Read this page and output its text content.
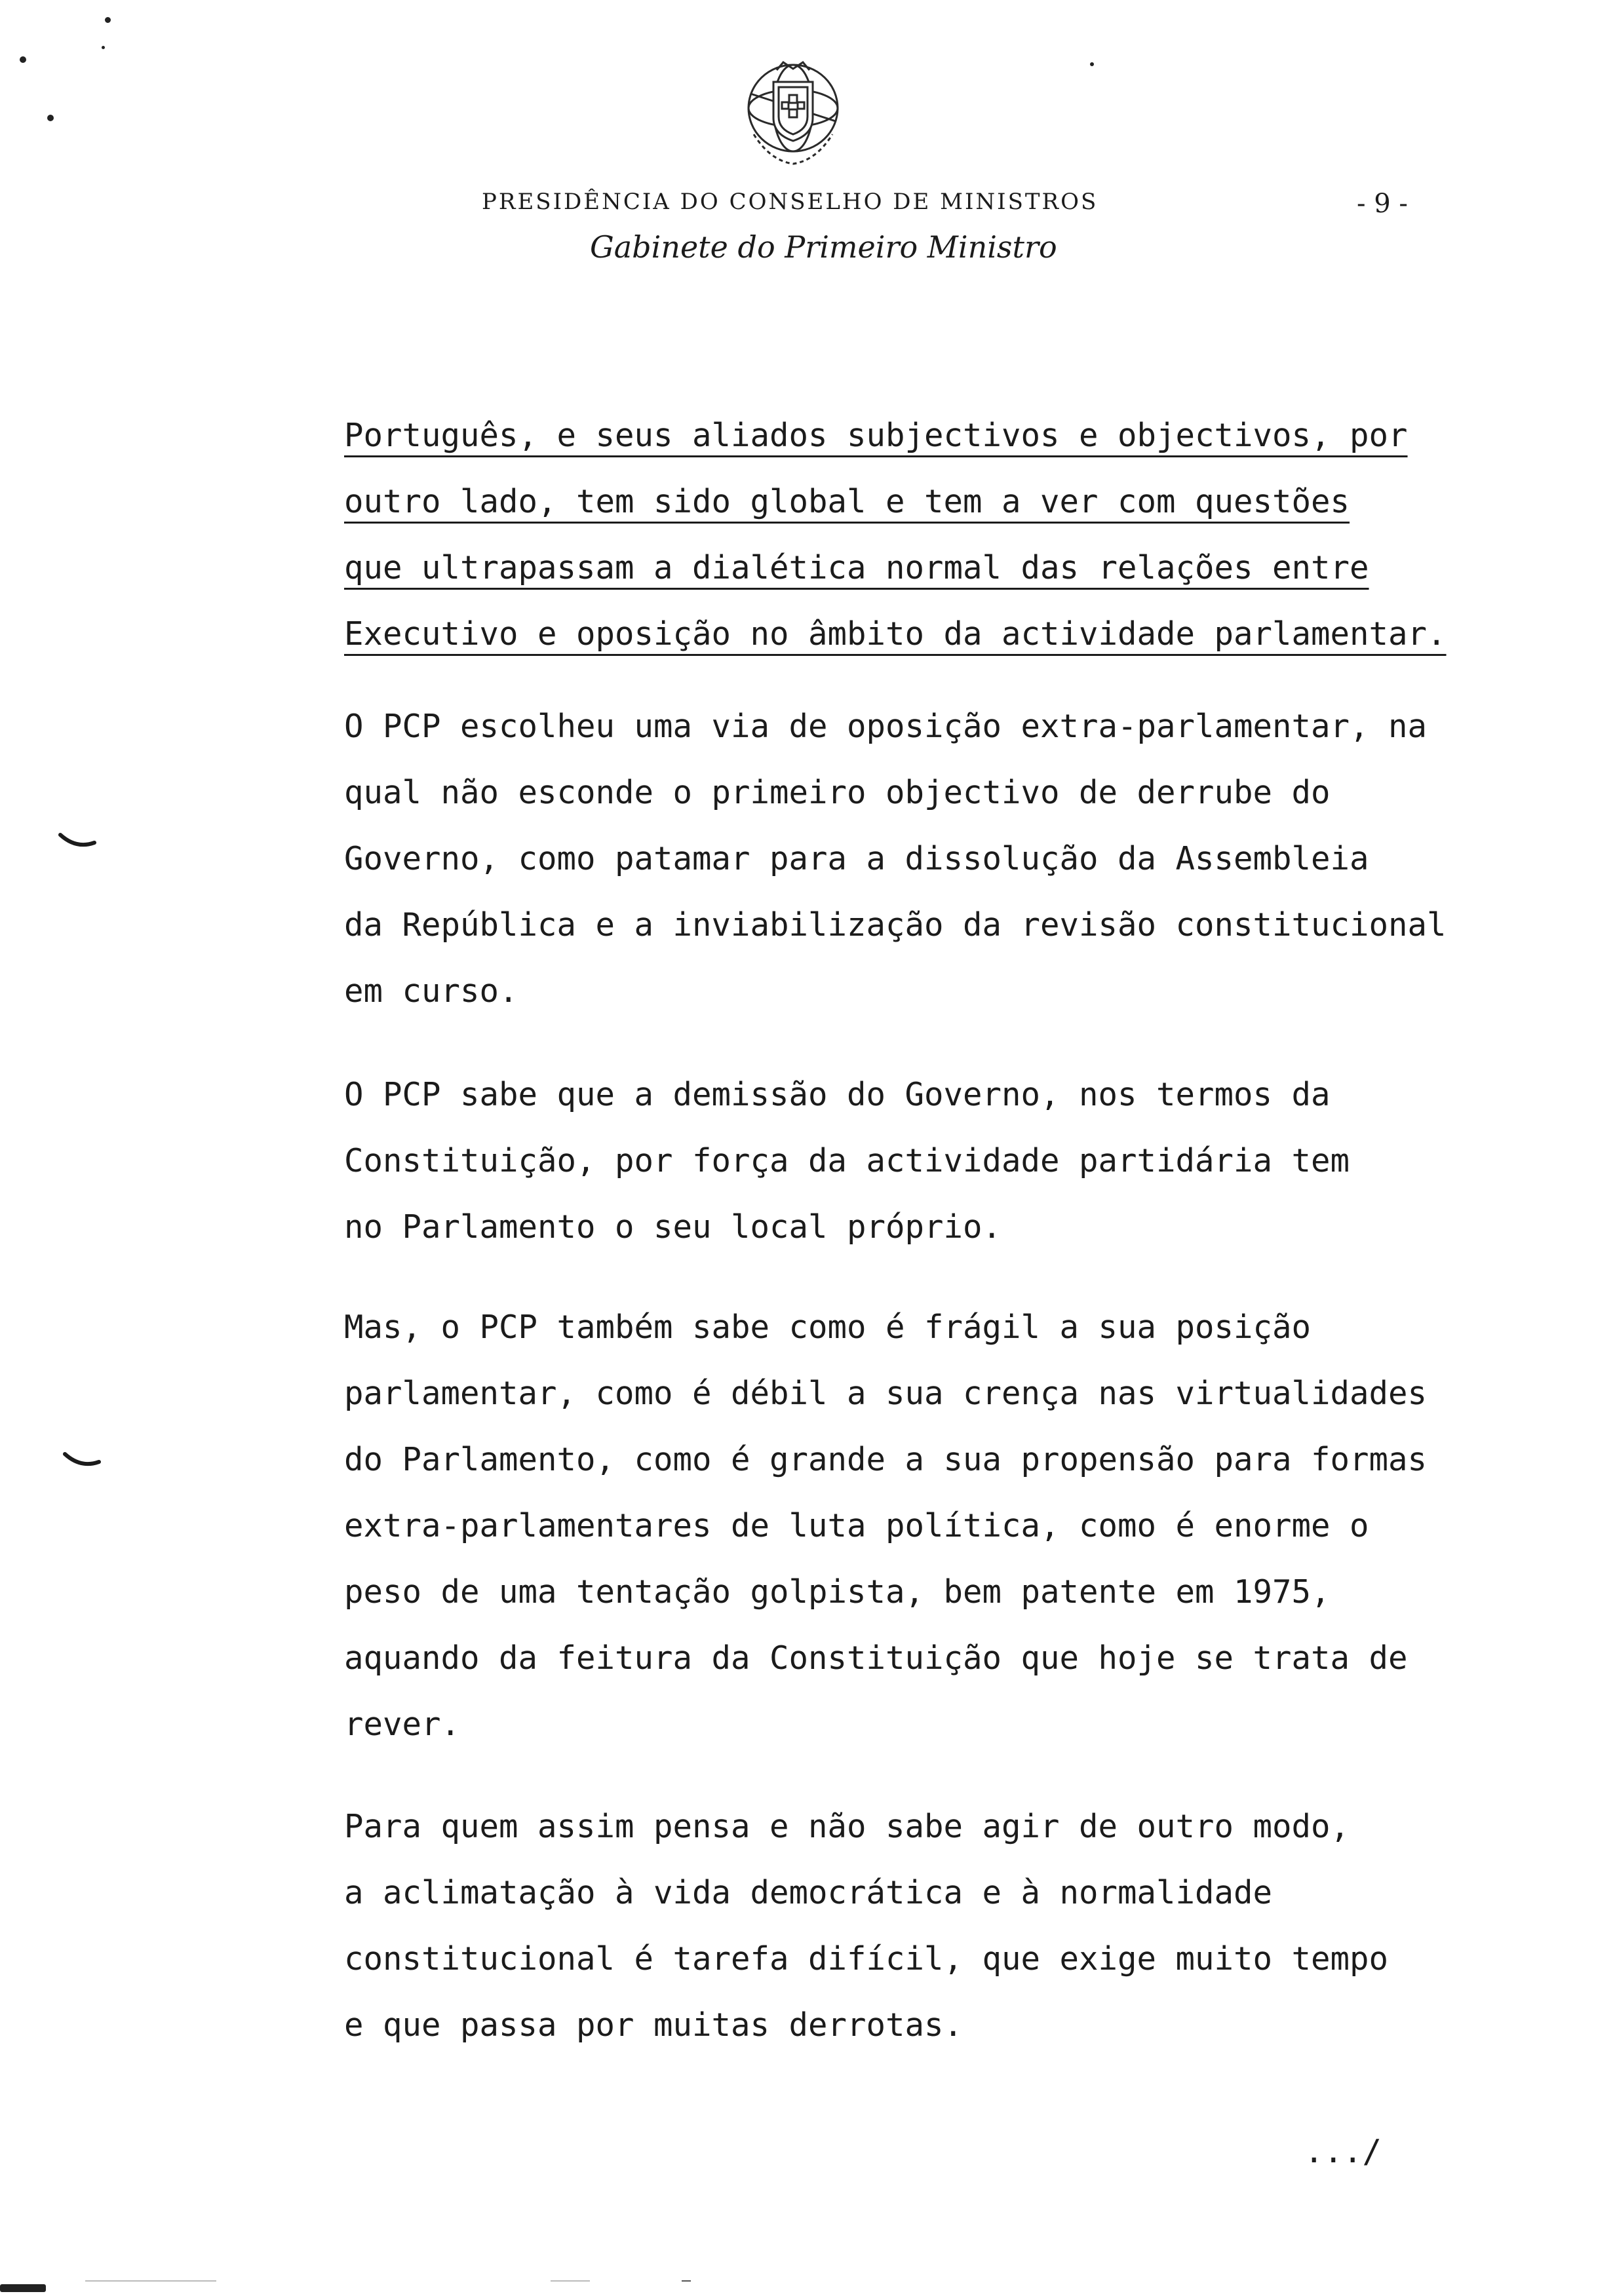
PRESIDÊNCIA DO CONSELHO DE MINISTROS	- 9 -
Gabinete do Primeiro Ministro
Português, e seus aliados subjectivos e objectivos, por
outro lado, tem sido global e tem a ver com questões
que ultrapassam a dialética normal das relações entre
Executivo e oposição no âmbito da actividade parlamentar.
O PCP escolheu uma via de oposição extra-parlamentar, na
qual não esconde o primeiro objectivo de derrube do
Governo, como patamar para a dissolução da Assembleia
da República e a inviabilização da revisão constitucional
em curso.
O PCP sabe que a demissão do Governo, nos termos da
Constituição, por força da actividade partidária tem
no Parlamento o seu local próprio.
Mas, o PCP também sabe como é frágil a sua posição
parlamentar, como é débil a sua crença nas virtualidades
do Parlamento, como é grande a sua propensão para formas
extra-parlamentares de luta política, como é enorme o
peso de uma tentação golpista, bem patente em 1975,
aquando da feitura da Constituição que hoje se trata de
rever.
Para quem assim pensa e não sabe agir de outro modo,
a aclimatação à vida democrática e à normalidade
constitucional é tarefa difícil, que exige muito tempo
e que passa por muitas derrotas.
.../
